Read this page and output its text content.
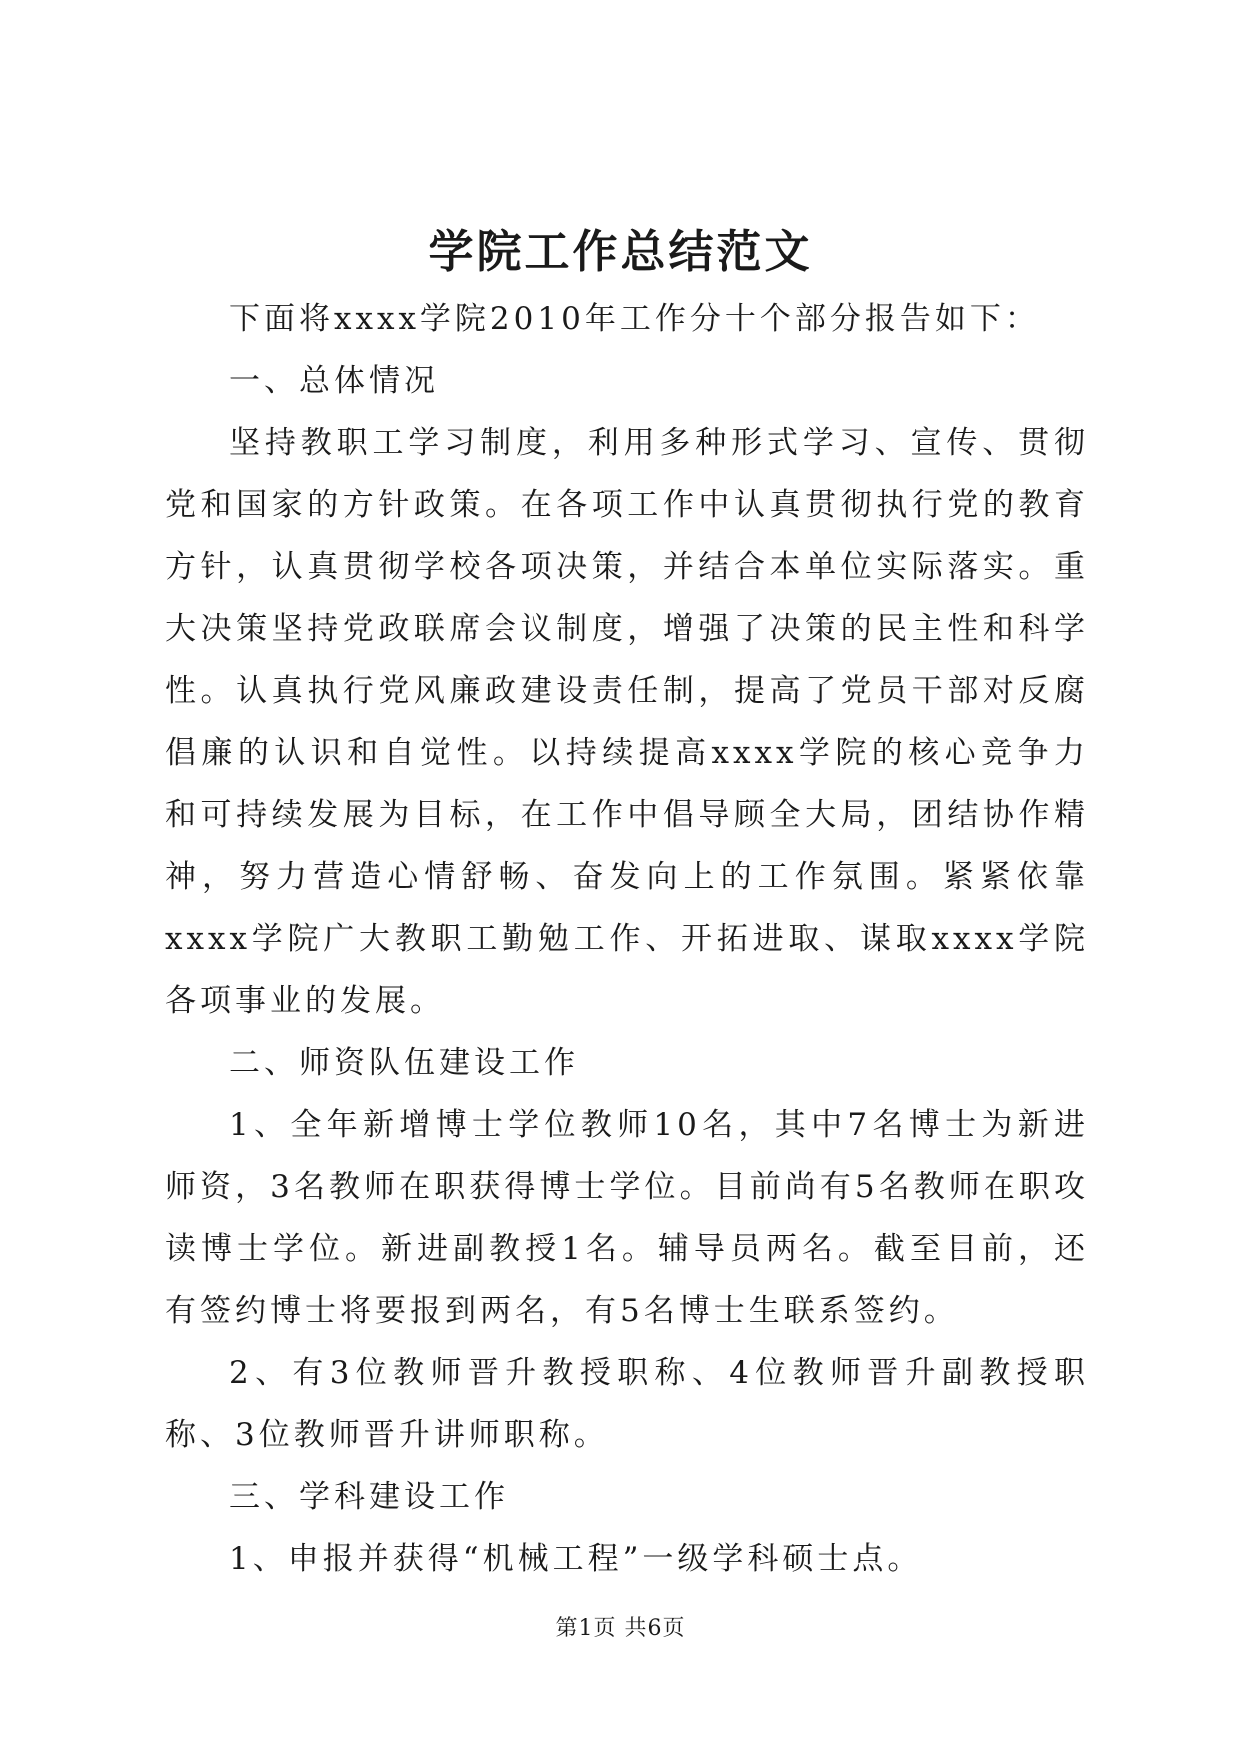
学院工作总结范文

下面将xxxx学院2010年工作分十个部分报告如下：

一、总体情况

坚持教职工学习制度，利用多种形式学习、宣传、贯彻党和国家的方针政策。在各项工作中认真贯彻执行党的教育方针，认真贯彻学校各项决策，并结合本单位实际落实。重大决策坚持党政联席会议制度，增强了决策的民主性和科学性。认真执行党风廉政建设责任制，提高了党员干部对反腐倡廉的认识和自觉性。以持续提高xxxx学院的核心竞争力和可持续发展为目标，在工作中倡导顾全大局，团结协作精神，努力营造心情舒畅、奋发向上的工作氛围。紧紧依靠xxxx学院广大教职工勤勉工作、开拓进取、谋取xxxx学院各项事业的发展。

二、师资队伍建设工作

1、全年新增博士学位教师10名，其中7名博士为新进师资，3名教师在职获得博士学位。目前尚有5名教师在职攻读博士学位。新进副教授1名。辅导员两名。截至目前，还有签约博士将要报到两名，有5名博士生联系签约。

2、有3位教师晋升教授职称、4位教师晋升副教授职称、3位教师晋升讲师职称。

三、学科建设工作

1、申报并获得“机械工程”一级学科硕士点。

第1页 共6页
